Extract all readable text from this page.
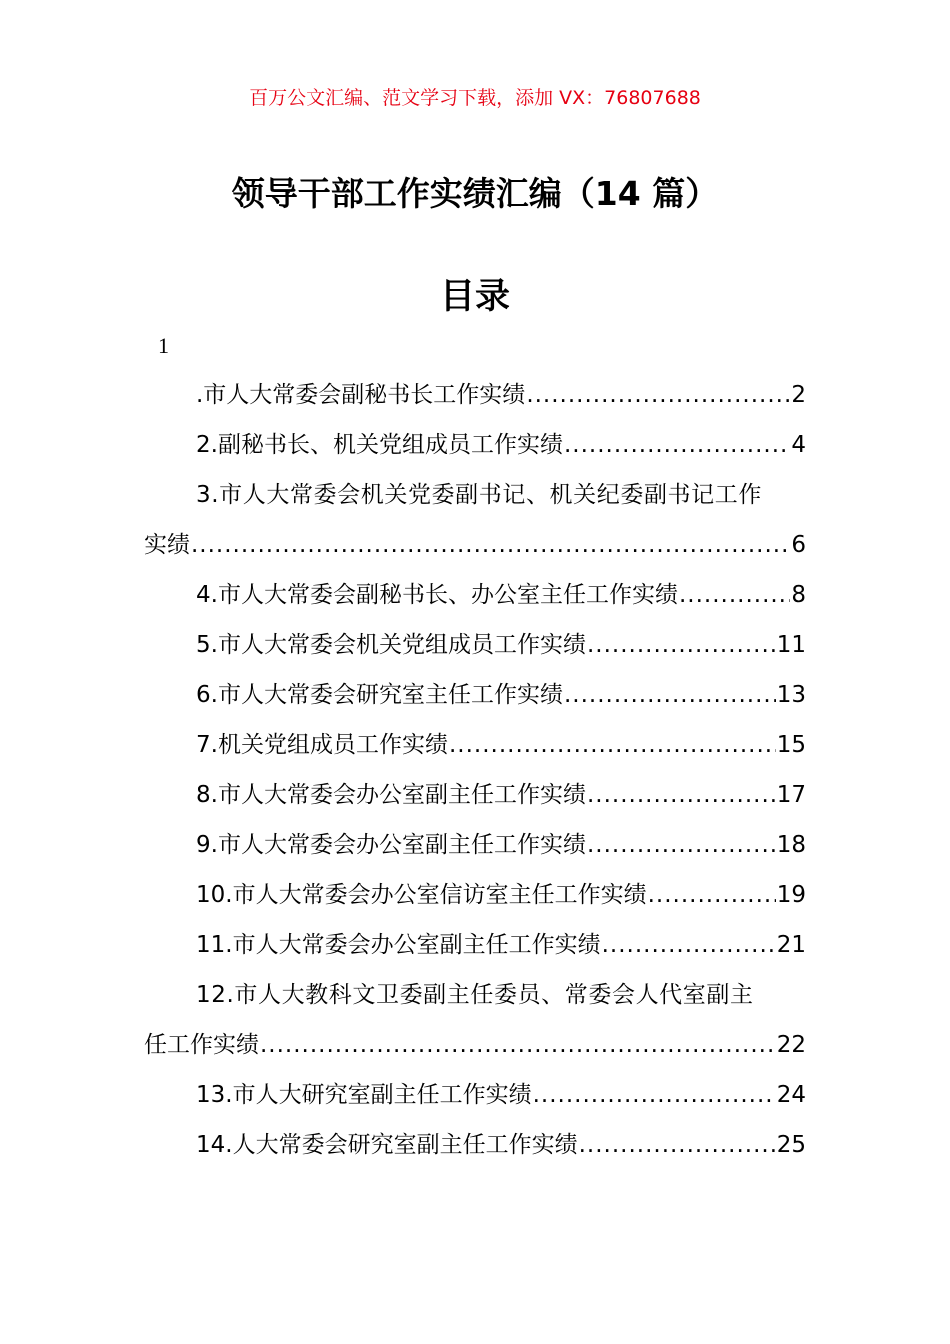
百万公文汇编、范文学习下载，添加 VX：76807688
领导干部工作实绩汇编（14 篇）
目录
1
.市人大常委会副秘书长工作实绩 .....	2
2.副秘书长、机关党组成员工作实绩 .....	4
3.市人大常委会机关党委副书记、机关纪委副书记工作
实绩 .....	6
4.市人大常委会副秘书长、办公室主任工作实绩 .....	8
5.市人大常委会机关党组成员工作实绩 .....	11
6.市人大常委会研究室主任工作实绩 .....	13
7.机关党组成员工作实绩 .....	15
8.市人大常委会办公室副主任工作实绩 .....	17
9.市人大常委会办公室副主任工作实绩 .....	18
10.市人大常委会办公室信访室主任工作实绩 .....	19
11.市人大常委会办公室副主任工作实绩 .....	21
12.市人大教科文卫委副主任委员、常委会人代室副主
任工作实绩 .....	22
13.市人大研究室副主任工作实绩 .....	24
14.人大常委会研究室副主任工作实绩 .....	25
